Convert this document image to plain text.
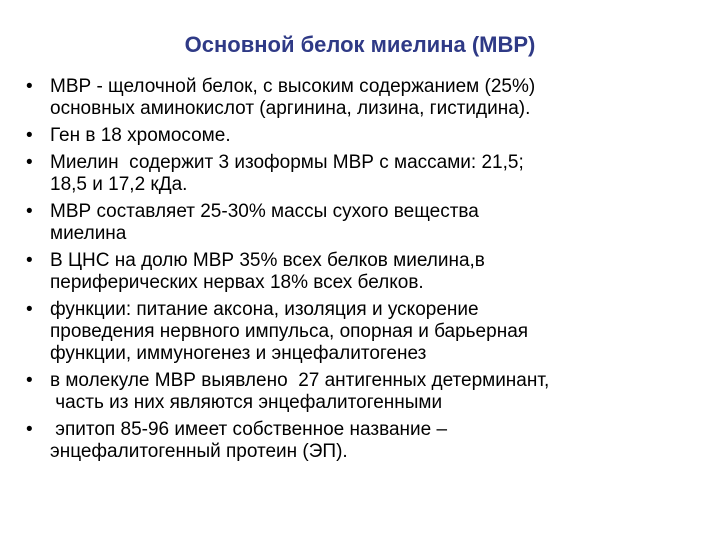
Основной белок миелина (МВР)
• МВР - щелочной белок, с высоким содержанием (25%)
основных аминокислот (аргинина, лизина, гистидина).
• Ген в 18 хромосоме.
• Миелин  содержит 3 изоформы МВР с массами: 21,5;
18,5 и 17,2 кДа.
• МВР составляет 25-30% массы сухого вещества
миелина
• В ЦНС на долю МВР 35% всех белков миелина,в
периферических нервах 18% всех белков.
• функции: питание аксона, изоляция и ускорение
проведения нервного импульса, опорная и барьерная
функции, иммуногенез и энцефалитогенез
• в молекуле МВР выявлено  27 антигенных детерминант,
часть из них являются энцефалитогенными
• эпитоп 85-96 имеет собственное название –
энцефалитогенный протеин (ЭП).
